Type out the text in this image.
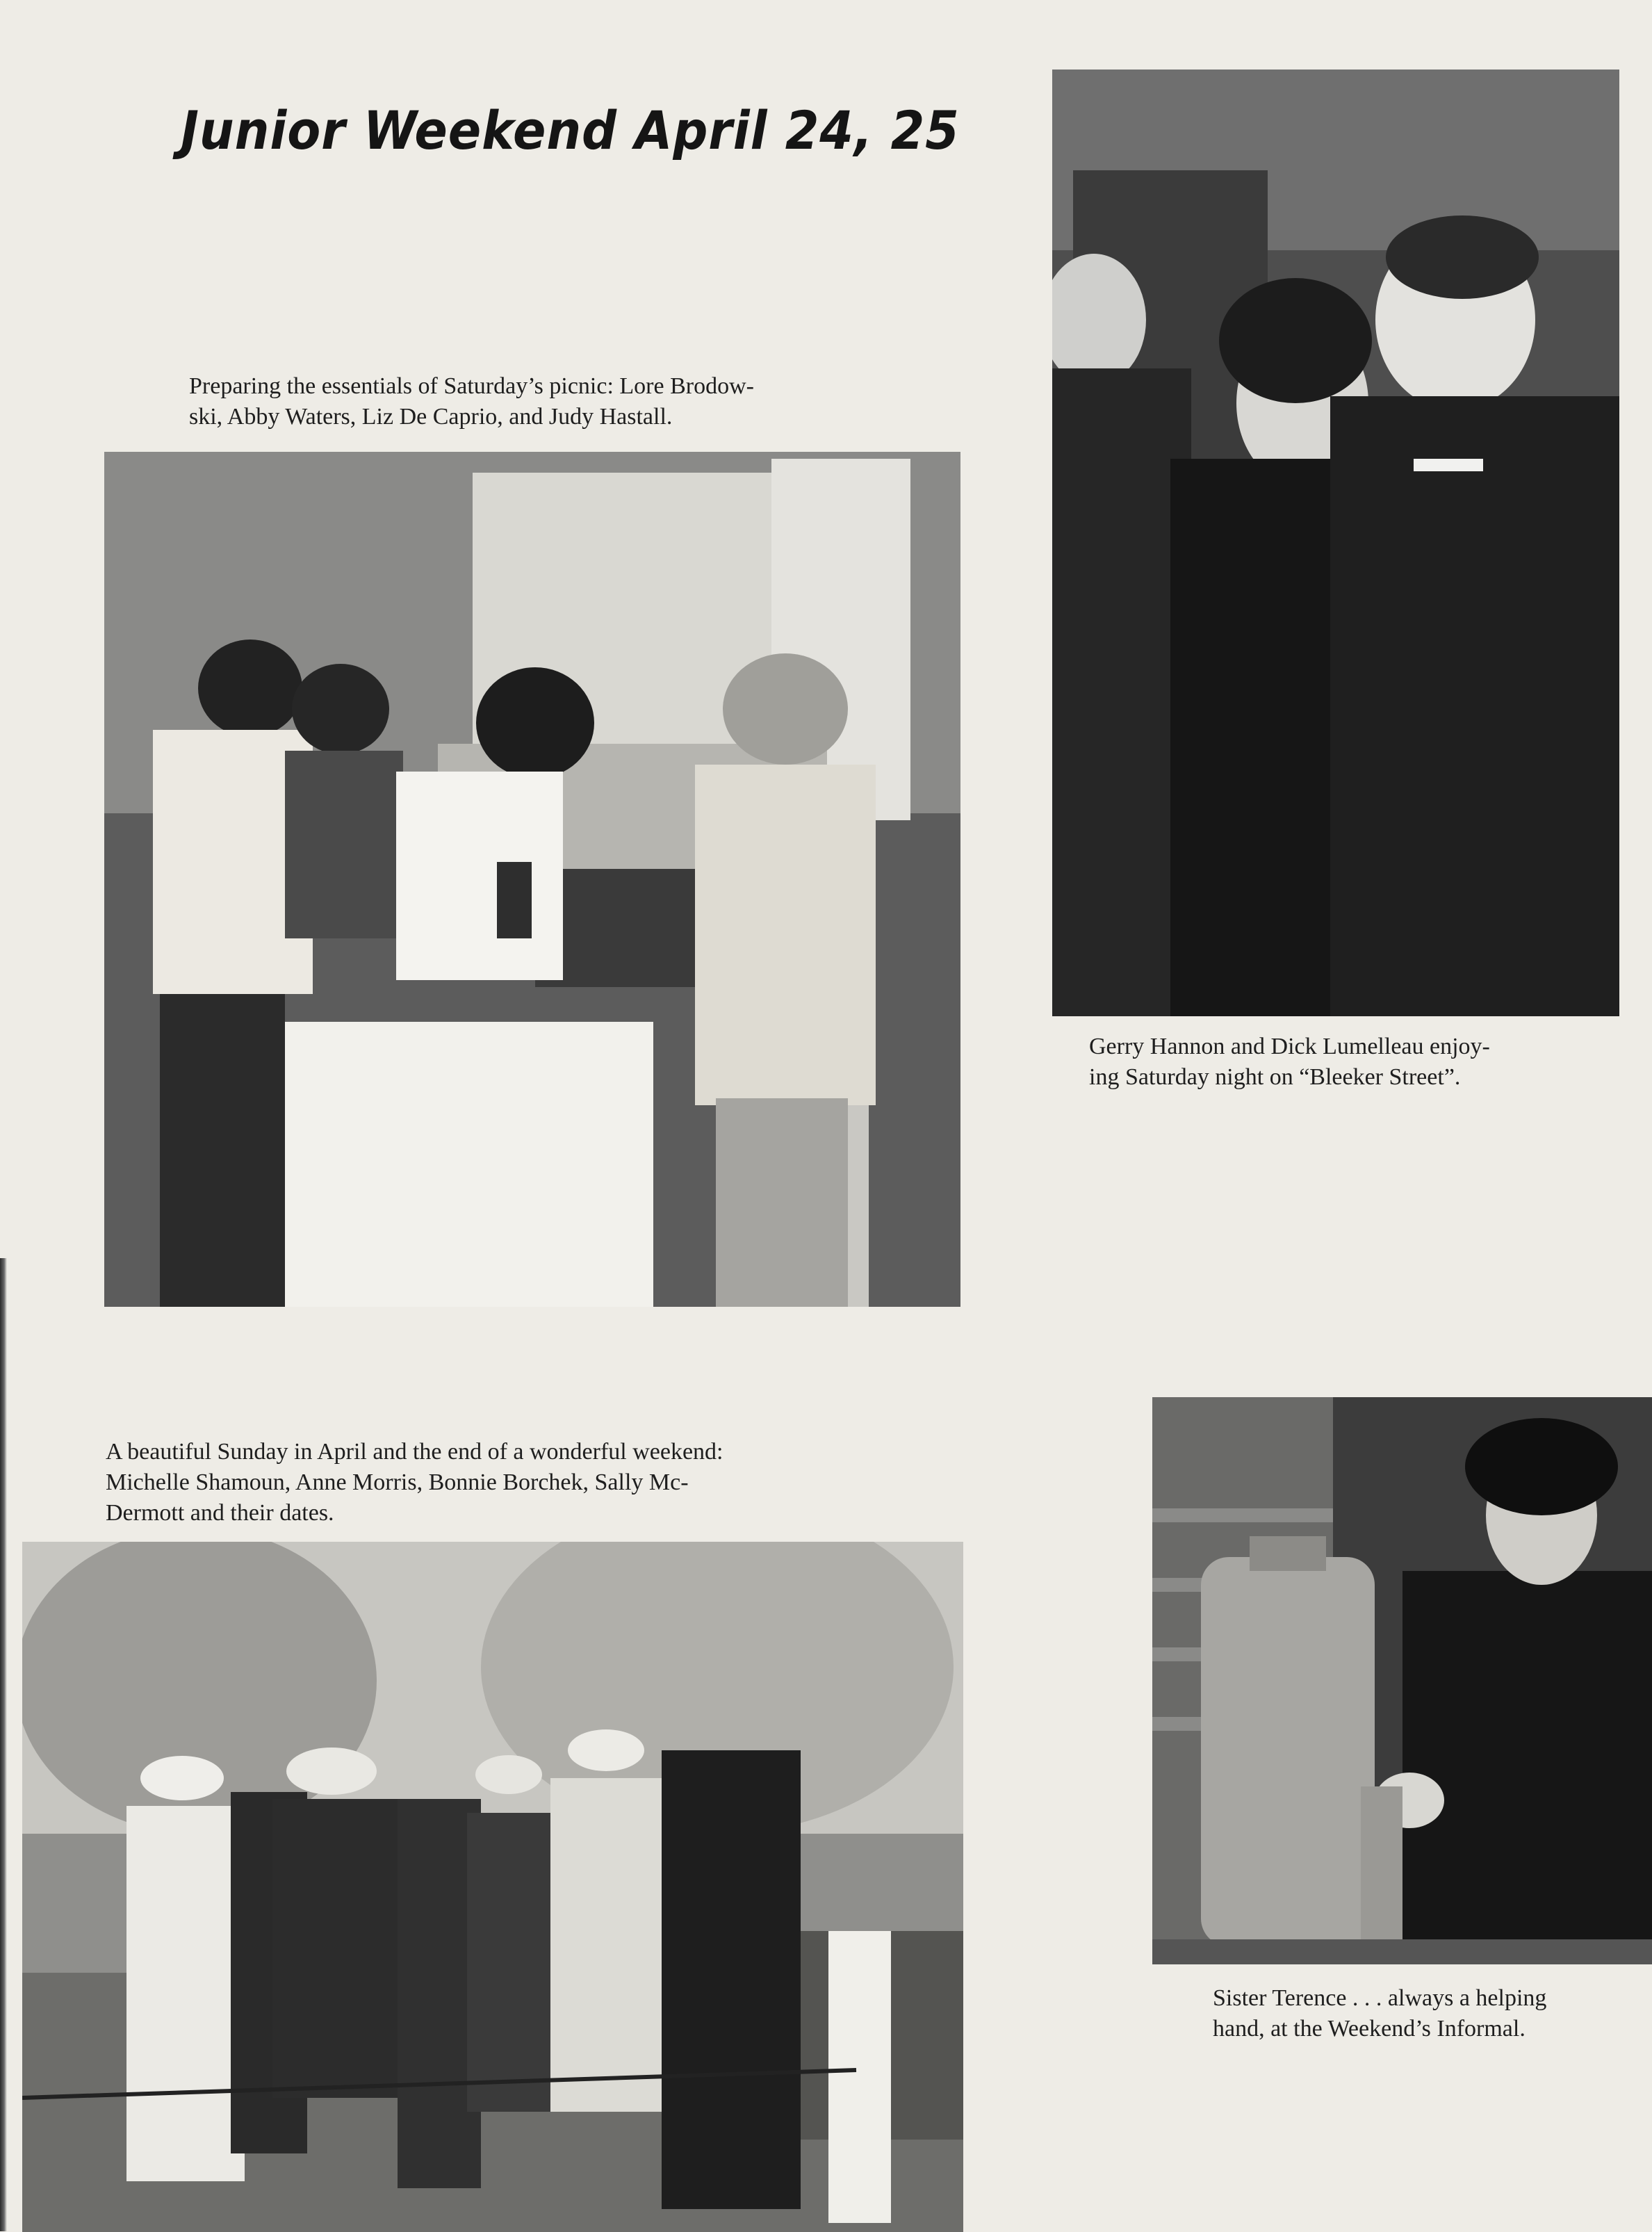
Junior Weekend April 24, 25
Preparing the essentials of Saturday’s picnic: Lore Brodow-
ski, Abby Waters, Liz De Caprio, and Judy Hastall.
Gerry Hannon and Dick Lumelleau enjoy-
ing Saturday night on “Bleeker Street”.
A beautiful Sunday in April and the end of a wonderful weekend:
Michelle Shamoun, Anne Morris, Bonnie Borchek, Sally Mc-
Dermott and their dates.
Sister Terence . . . always a helping
hand, at the Weekend’s Informal.
